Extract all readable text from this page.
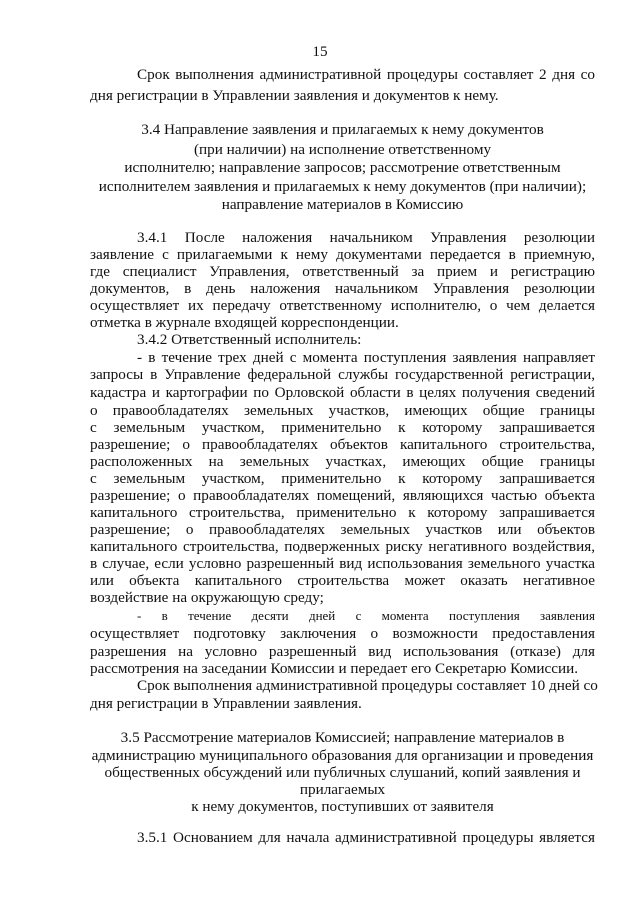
15
Срок выполнения административной процедуры составляет 2 дня со
дня регистрации в Управлении заявления и документов к нему.
3.4 Направление заявления и прилагаемых к нему документов
(при наличии) на исполнение ответственному
исполнителю; направление запросов; рассмотрение ответственным
исполнителем заявления и прилагаемых к нему документов (при наличии);
направление материалов в Комиссию
3.4.1 После наложения начальником Управления резолюции
заявление с прилагаемыми к нему документами передается в приемную,
где специалист Управления, ответственный за прием и регистрацию
документов, в день наложения начальником Управления резолюции
осуществляет их передачу ответственному исполнителю, о чем делается
отметка в журнале входящей корреспонденции.
3.4.2 Ответственный исполнитель:
- в течение трех дней с момента поступления заявления направляет
запросы в Управление федеральной службы государственной регистрации,
кадастра и картографии по Орловской области в целях получения сведений
о правообладателях земельных участков, имеющих общие границы
с земельным участком, применительно к которому запрашивается
разрешение; о правообладателях объектов капитального строительства,
расположенных на земельных участках, имеющих общие границы
с земельным участком, применительно к которому запрашивается
разрешение; о правообладателях помещений, являющихся частью объекта
капитального строительства, применительно к которому запрашивается
разрешение; о правообладателях земельных участков или объектов
капитального строительства, подверженных риску негативного воздействия,
в случае, если условно разрешенный вид использования земельного участка
или объекта капитального строительства может оказать негативное
воздействие на окружающую среду;
- в течение десяти дней с момента поступления заявления
осуществляет подготовку заключения о возможности предоставления
разрешения на условно разрешенный вид использования (отказе) для
рассмотрения на заседании Комиссии и передает его Секретарю Комиссии.
Срок выполнения административной процедуры составляет 10 дней со
дня регистрации в Управлении заявления.
3.5 Рассмотрение материалов Комиссией; направление материалов в
администрацию муниципального образования для организации и проведения
общественных обсуждений или публичных слушаний, копий заявления и
прилагаемых
к нему документов, поступивших от заявителя
3.5.1 Основанием для начала административной процедуры является
